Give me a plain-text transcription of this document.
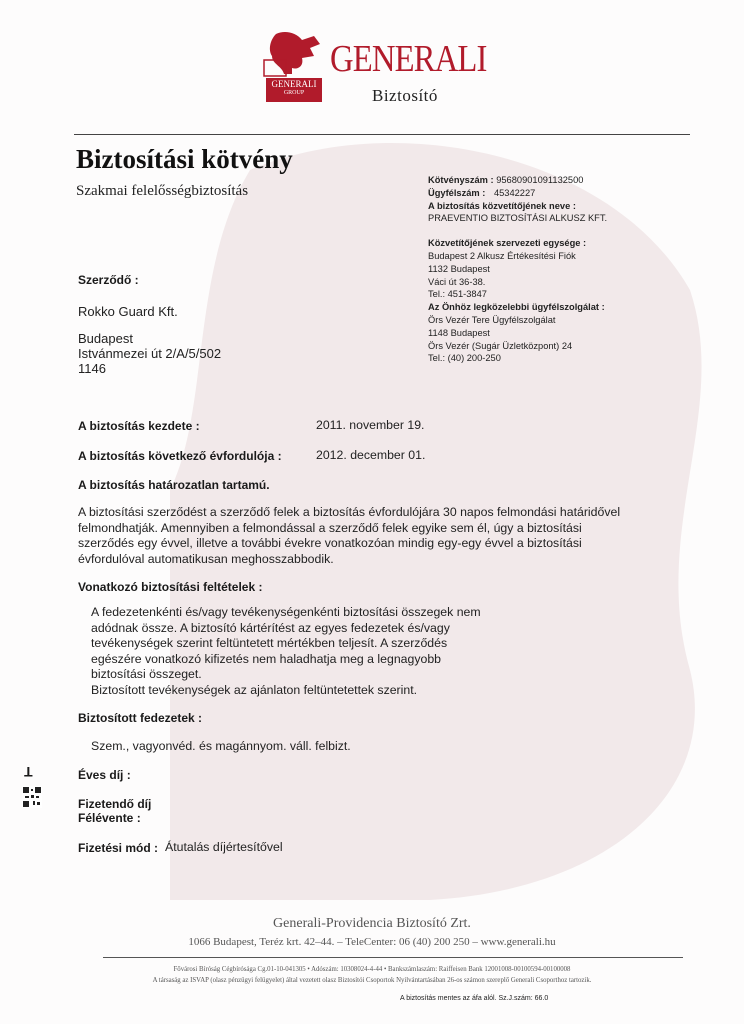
GENERALI
GROUP
GENERALI
Biztosító
Biztosítási kötvény
Szakmai felelősségbiztosítás
Kötvényszám : 95680901091132500
Ügyfélszám : 45342227
A biztosítás közvetítőjének neve :
PRAEVENTIO BIZTOSÍTÁSI ALKUSZ KFT.
Közvetítőjének szervezeti egysége :
Budapest 2 Alkusz Értékesítési Fiók
1132 Budapest
Váci út 36-38.
Tel.: 451-3847
Az Önhöz legközelebbi ügyfélszolgálat :
Örs Vezér Tere Ügyfélszolgálat
1148 Budapest
Örs Vezér (Sugár Üzletközpont) 24
Tel.: (40) 200-250
Szerződő :
Rokko Guard Kft.
Budapest
Istvánmezei út 2/A/5/502
1146
A biztosítás kezdete :	2011. november 19.
A biztosítás következő évfordulója :	2012. december 01.
A biztosítás határozatlan tartamú.
A biztosítási szerződést a szerződő felek a biztosítás évfordulójára 30 napos felmondási határidővel
felmondhatják. Amennyiben a felmondással a szerződő felek egyike sem él, úgy a biztosítási
szerződés egy évvel, illetve a további évekre vonatkozóan mindig egy-egy évvel a biztosítási
évfordulóval automatikusan meghosszabbodik.
Vonatkozó biztosítási feltételek :
A fedezetenkénti és/vagy tevékenységenkénti biztosítási összegek nem
adódnak össze. A biztosító kártérítést az egyes fedezetek és/vagy
tevékenységek szerint feltüntetett mértékben teljesít. A szerződés
egészére vonatkozó kifizetés nem haladhatja meg a legnagyobb
biztosítási összeget.
Biztosított tevékenységek az ajánlaton feltüntetettek szerint.
Biztosított fedezetek :
Szem., vagyonvéd. és magánnyom. váll. felbizt.
Éves díj :
Fizetendő díj
Félévente :
Fizetési mód : Átutalás díjértesítővel
T
Generali-Providencia Biztosító Zrt.
1066 Budapest, Teréz krt. 42–44. – TeleCenter: 06 (40) 200 250 – www.generali.hu
Fővárosi Bíróság Cégbírósága Cg.01-10-041305 • Adószám: 10308024-4-44 • Bankszámlaszám: Raiffeisen Bank 12001008-00100594-00100008
A társaság az ISVAP (olasz pénzügyi felügyelet) által vezetett olasz Biztosítói Csoportok Nyilvántartásában 26-os számon szereplő Generali Csoporthoz tartozik.
A biztosítás mentes az áfa alól. Sz.J.szám: 66.0
